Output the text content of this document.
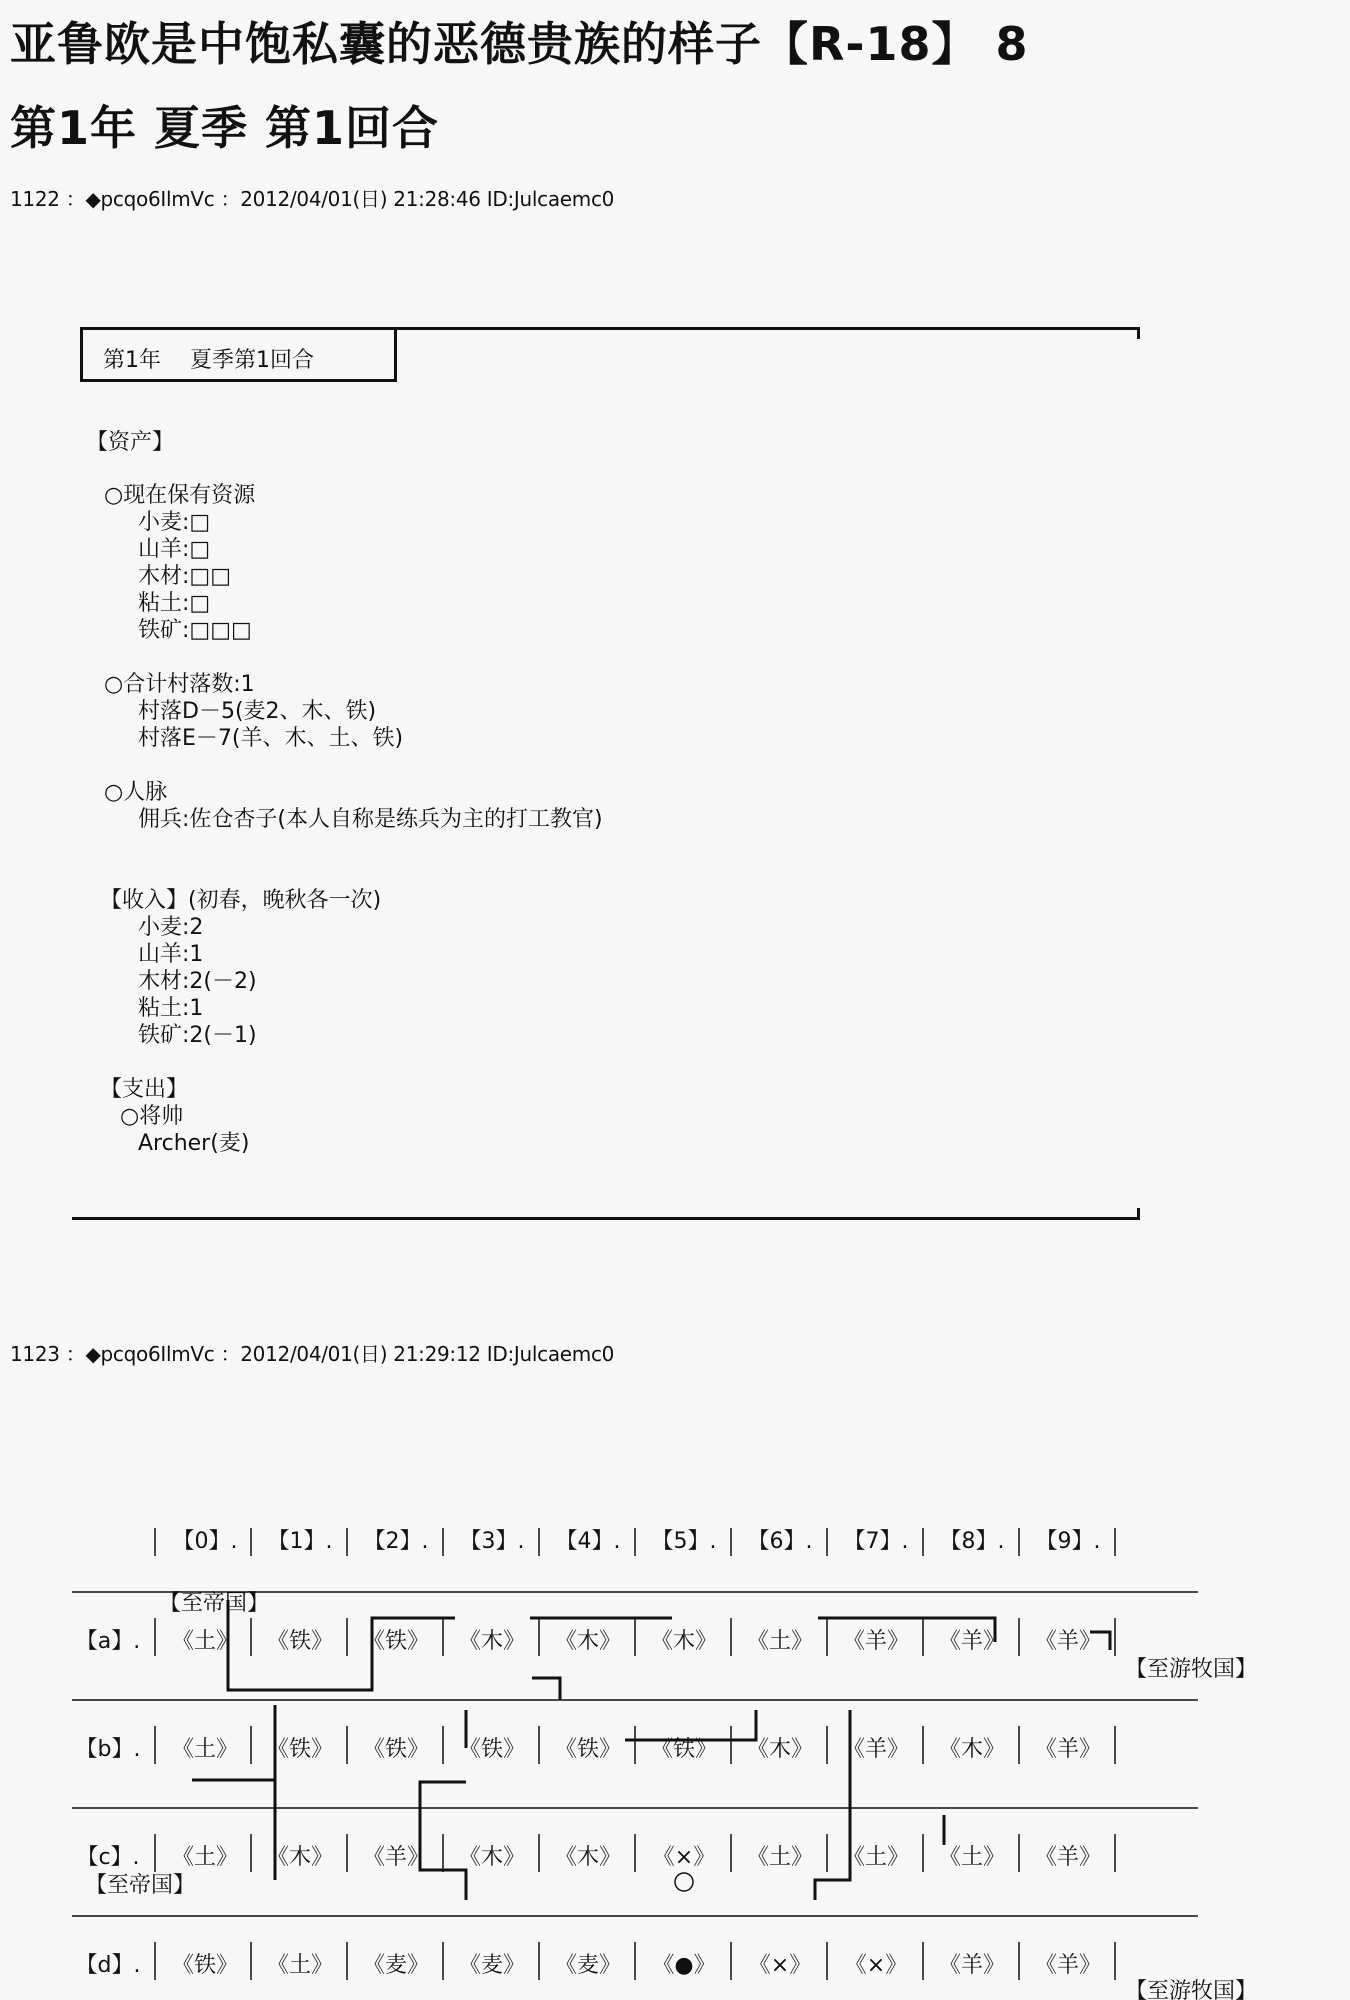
亚鲁欧是中饱私囊的恶德贵族的样子【R-18】 8
第1年 夏季 第1回合
1122 ：◆pcqo6IlmVc ：2012/04/01(日) 21:28:46 ID:Julcaemc0
第1年　 夏季第1回合
【资产】
○现在保有资源
小麦:□
山羊:□
木材:□□
粘土:□
铁矿:□□□
○合计村落数:1
村落D－5(麦2、木、铁)
村落E－7(羊、木、土、铁)
○人脉
佣兵:佐仓杏子(本人自称是练兵为主的打工教官)
【收入】(初春，晚秋各一次)
小麦:2
山羊:1
木材:2(－2)
粘土:1
铁矿:2(－1)
【支出】
○将帅
Archer(麦)
1123 ：◆pcqo6IlmVc ：2012/04/01(日) 21:29:12 ID:Julcaemc0
【0】. 【1】. 【2】. 【3】. 【4】. 【5】. 【6】. 【7】. 【8】. 【9】.
【a】. 《土》 《铁》 《铁》 《木》 《木》 《木》 《土》 《羊》 《羊》 《羊》
【b】. 《土》 《铁》 《铁》 《铁》 《铁》 《铁》 《木》 《羊》 《木》 《羊》
【c】. 《土》 《木》 《羊》 《木》 《木》 《×》 《土》 《土》 《土》 《羊》
【d】. 《铁》 《土》 《麦》 《麦》 《麦》 《●》 《×》 《×》 《羊》 《羊》
【至帝国】
【至游牧国】
【至帝国】
【至游牧国】
